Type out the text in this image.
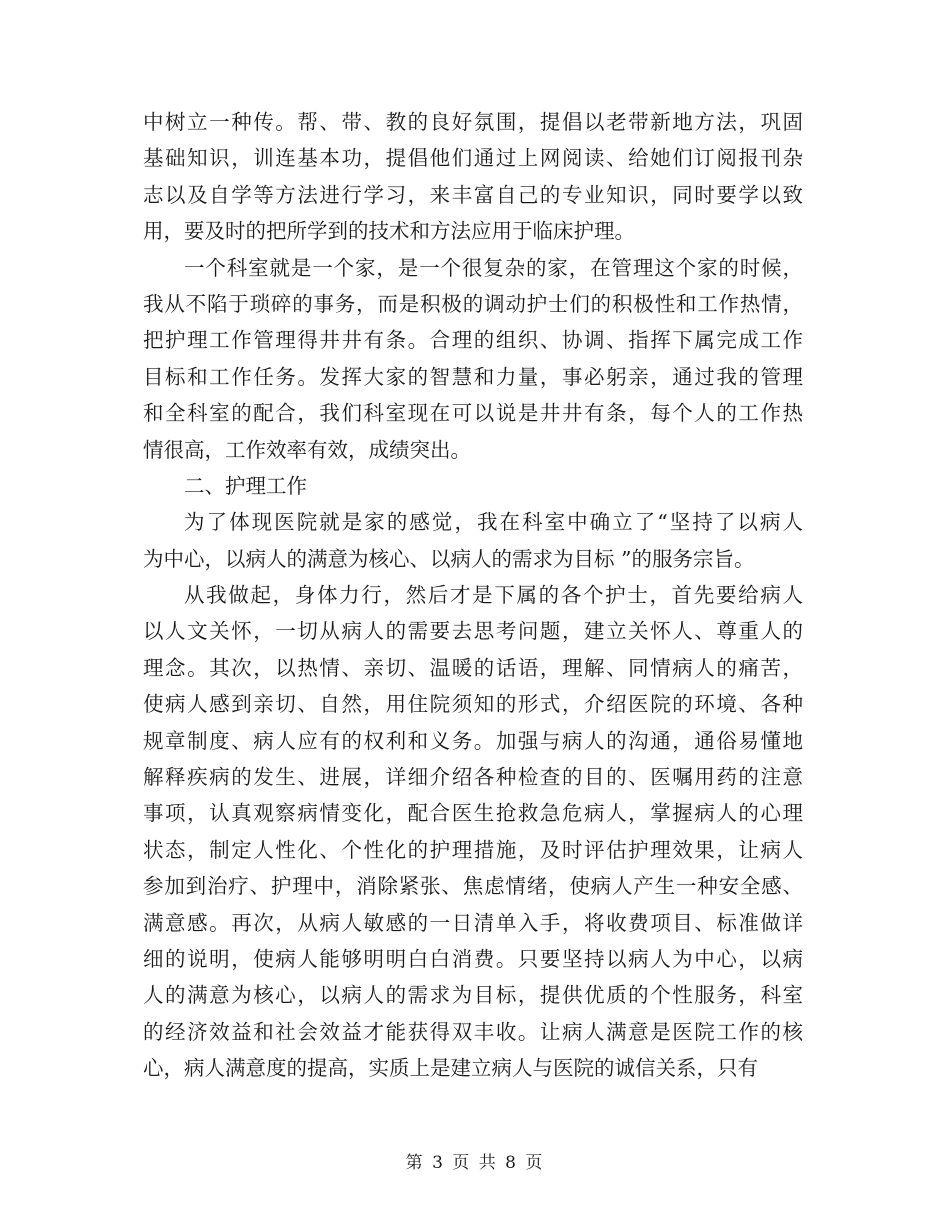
中树立一种传。帮、带、教的良好氛围，提倡以老带新地方法，巩固
基础知识，训连基本功，提倡他们通过上网阅读、给她们订阅报刊杂
志以及自学等方法进行学习，来丰富自己的专业知识，同时要学以致
用，要及时的把所学到的技术和方法应用于临床护理。
一个科室就是一个家，是一个很复杂的家，在管理这个家的时候，
我从不陷于琐碎的事务，而是积极的调动护士们的积极性和工作热情，
把护理工作管理得井井有条。合理的组织、协调、指挥下属完成工作
目标和工作任务。发挥大家的智慧和力量，事必躬亲，通过我的管理
和全科室的配合，我们科室现在可以说是井井有条，每个人的工作热
情很高，工作效率有效，成绩突出。
二、护理工作
为了体现医院就是家的感觉，我在科室中确立了“坚持了以病人
为中心，以病人的满意为核心、以病人的需求为目标 ”的服务宗旨。
从我做起，身体力行，然后才是下属的各个护士，首先要给病人
以人文关怀，一切从病人的需要去思考问题，建立关怀人、尊重人的
理念。其次，以热情、亲切、温暖的话语，理解、同情病人的痛苦，
使病人感到亲切、自然，用住院须知的形式，介绍医院的环境、各种
规章制度、病人应有的权利和义务。加强与病人的沟通，通俗易懂地
解释疾病的发生、进展，详细介绍各种检查的目的、医嘱用药的注意
事项，认真观察病情变化，配合医生抢救急危病人，掌握病人的心理
状态，制定人性化、个性化的护理措施，及时评估护理效果，让病人
参加到治疗、护理中，消除紧张、焦虑情绪，使病人产生一种安全感、
满意感。再次，从病人敏感的一日清单入手，将收费项目、标准做详
细的说明，使病人能够明明白白消费。只要坚持以病人为中心，以病
人的满意为核心，以病人的需求为目标，提供优质的个性服务，科室
的经济效益和社会效益才能获得双丰收。让病人满意是医院工作的核
心，病人满意度的提高，实质上是建立病人与医院的诚信关系，只有
第 3 页 共 8 页
